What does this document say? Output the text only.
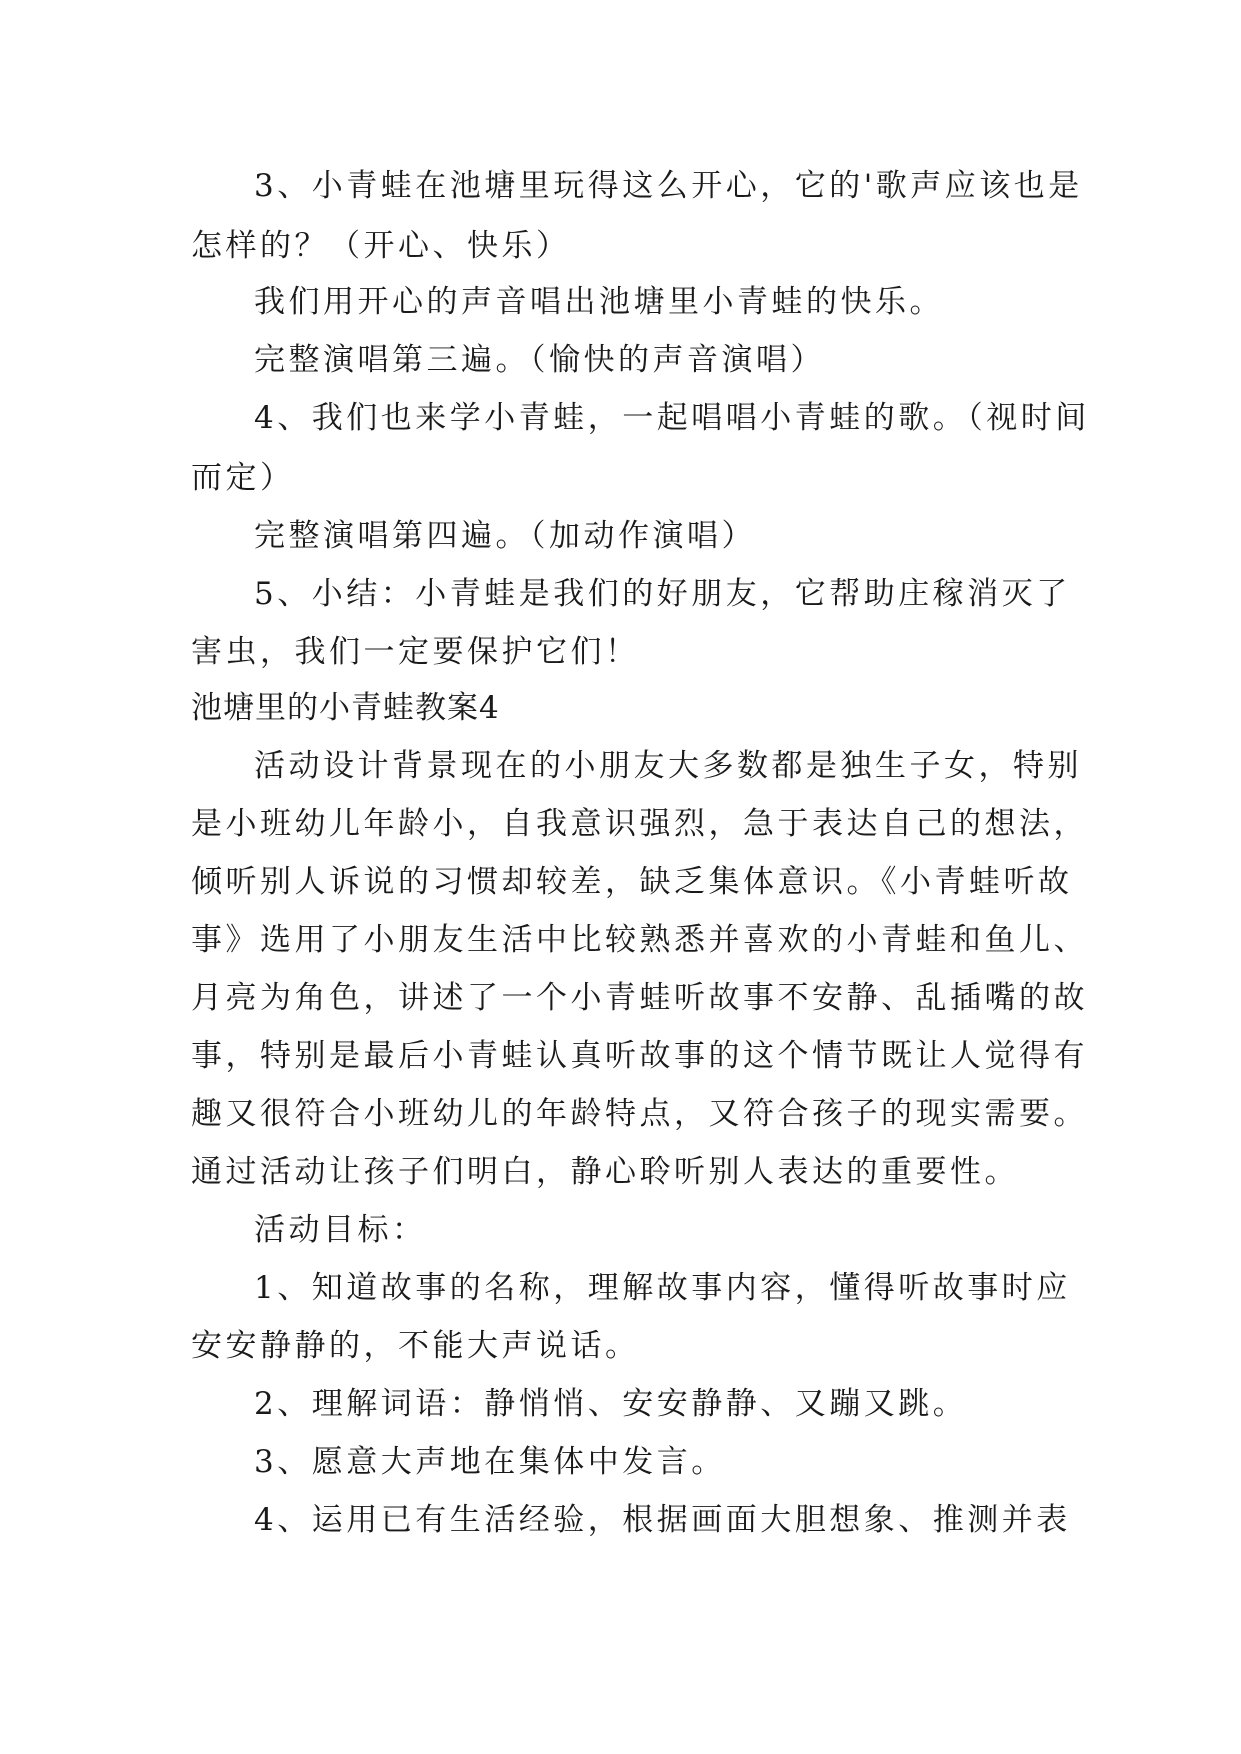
3、小青蛙在池塘里玩得这么开心，它的'歌声应该也是
怎样的？（开心、快乐）
我们用开心的声音唱出池塘里小青蛙的快乐。
完整演唱第三遍。（愉快的声音演唱）
4、我们也来学小青蛙，一起唱唱小青蛙的歌。（视时间
而定）
完整演唱第四遍。（加动作演唱）
5、小结：小青蛙是我们的好朋友，它帮助庄稼消灭了
害虫，我们一定要保护它们！
池塘里的小青蛙教案4
活动设计背景现在的小朋友大多数都是独生子女，特别
是小班幼儿年龄小，自我意识强烈，急于表达自己的想法，
倾听别人诉说的习惯却较差，缺乏集体意识。《小青蛙听故
事》选用了小朋友生活中比较熟悉并喜欢的小青蛙和鱼儿、
月亮为角色，讲述了一个小青蛙听故事不安静、乱插嘴的故
事，特别是最后小青蛙认真听故事的这个情节既让人觉得有
趣又很符合小班幼儿的年龄特点，又符合孩子的现实需要。
通过活动让孩子们明白，静心聆听别人表达的重要性。
活动目标：
1、知道故事的名称，理解故事内容，懂得听故事时应
安安静静的，不能大声说话。
2、理解词语：静悄悄、安安静静、又蹦又跳。
3、愿意大声地在集体中发言。
4、运用已有生活经验，根据画面大胆想象、推测并表
